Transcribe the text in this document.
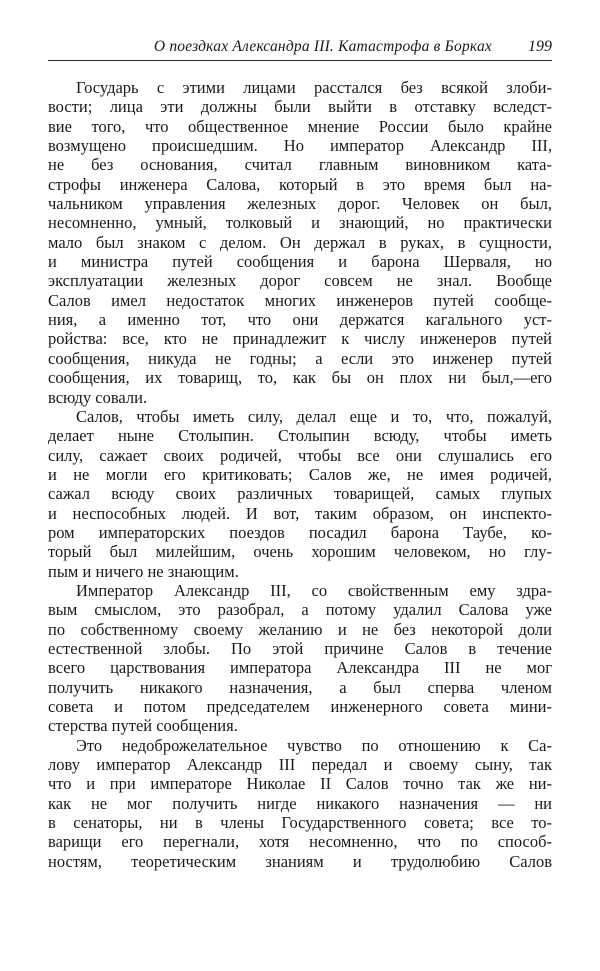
О поездках Александра III. Катастрофа в Борках 199
Государь с этими лицами расстался без всякой злоби-
вости; лица эти должны были выйти в отставку вследст-
вие того, что общественное мнение России было крайне
возмущено происшедшим. Но император Александр III,
не без основания, считал главным виновником ката-
строфы инженера Салова, который в это время был на-
чальником управления железных дорог. Человек он был,
несомненно, умный, толковый и знающий, но практически
мало был знаком с делом. Он держал в руках, в сущности,
и министра путей сообщения и барона Шерваля, но
эксплуатации железных дорог совсем не знал. Вообще
Салов имел недостаток многих инженеров путей сообще-
ния, а именно тот, что они держатся кагального уст-
ройства: все, кто не принадлежит к числу инженеров путей
сообщения, никуда не годны; а если это инженер путей
сообщения, их товарищ, то, как бы он плох ни был,—его
всюду совали.
Салов, чтобы иметь силу, делал еще и то, что, пожалуй,
делает ныне Столыпин. Столыпин всюду, чтобы иметь
силу, сажает своих родичей, чтобы все они слушались его
и не могли его критиковать; Салов же, не имея родичей,
сажал всюду своих различных товарищей, самых глупых
и неспособных людей. И вот, таким образом, он инспекто-
ром императорских поездов посадил барона Таубе, ко-
торый был милейшим, очень хорошим человеком, но глу-
пым и ничего не знающим.
Император Александр III, со свойственным ему здра-
вым смыслом, это разобрал, а потому удалил Салова уже
по собственному своему желанию и не без некоторой доли
естественной злобы. По этой причине Салов в течение
всего царствования императора Александра III не мог
получить никакого назначения, а был сперва членом
совета и потом председателем инженерного совета мини-
стерства путей сообщения.
Это недоброжелательное чувство по отношению к Са-
лову император Александр III передал и своему сыну, так
что и при императоре Николае II Салов точно так же ни-
как не мог получить нигде никакого назначения — ни
в сенаторы, ни в члены Государственного совета; все то-
варищи его перегнали, хотя несомненно, что по способ-
ностям, теоретическим знаниям и трудолюбию Салов
